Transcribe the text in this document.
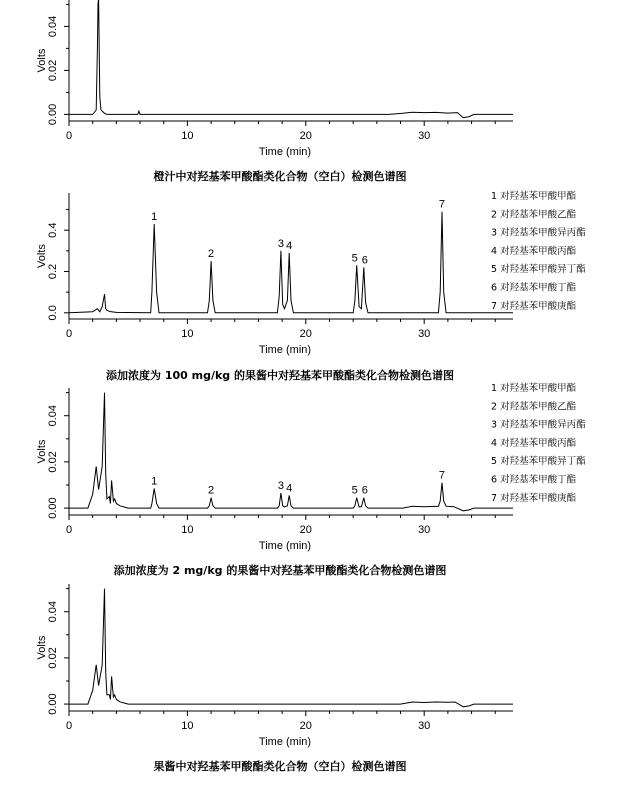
0	10	20	30
0.00
0.02
0.04
Time (min)
Volts
0	10	20	30
0.0
0.2
0.4
Time (min)
Volts
1
2
3 4
5 6
7
1 对羟基苯甲酸甲酯
2 对羟基苯甲酸乙酯
3 对羟基苯甲酸异丙酯
4 对羟基苯甲酸丙酯
5 对羟基苯甲酸异丁酯
6 对羟基苯甲酸丁酯
7 对羟基苯甲酸庚酯
0	10	20	30
0.00
0.02
0.04
Time (min)
Volts
1
2	3 4	5 6
7
1 对羟基苯甲酸甲酯
2 对羟基苯甲酸乙酯
3 对羟基苯甲酸异丙酯
4 对羟基苯甲酸丙酯
5 对羟基苯甲酸异丁酯
6 对羟基苯甲酸丁酯
7 对羟基苯甲酸庚酯
0	10	20	30
0.00
0.02
0.04
Time (min)
Volts
橙汁中对羟基苯甲酸酯类化合物（空白）检测色谱图
添加浓度为 100 mg/kg 的果酱中对羟基苯甲酸酯类化合物检测色谱图
添加浓度为 2 mg/kg 的果酱中对羟基苯甲酸酯类化合物检测色谱图
果酱中对羟基苯甲酸酯类化合物（空白）检测色谱图
